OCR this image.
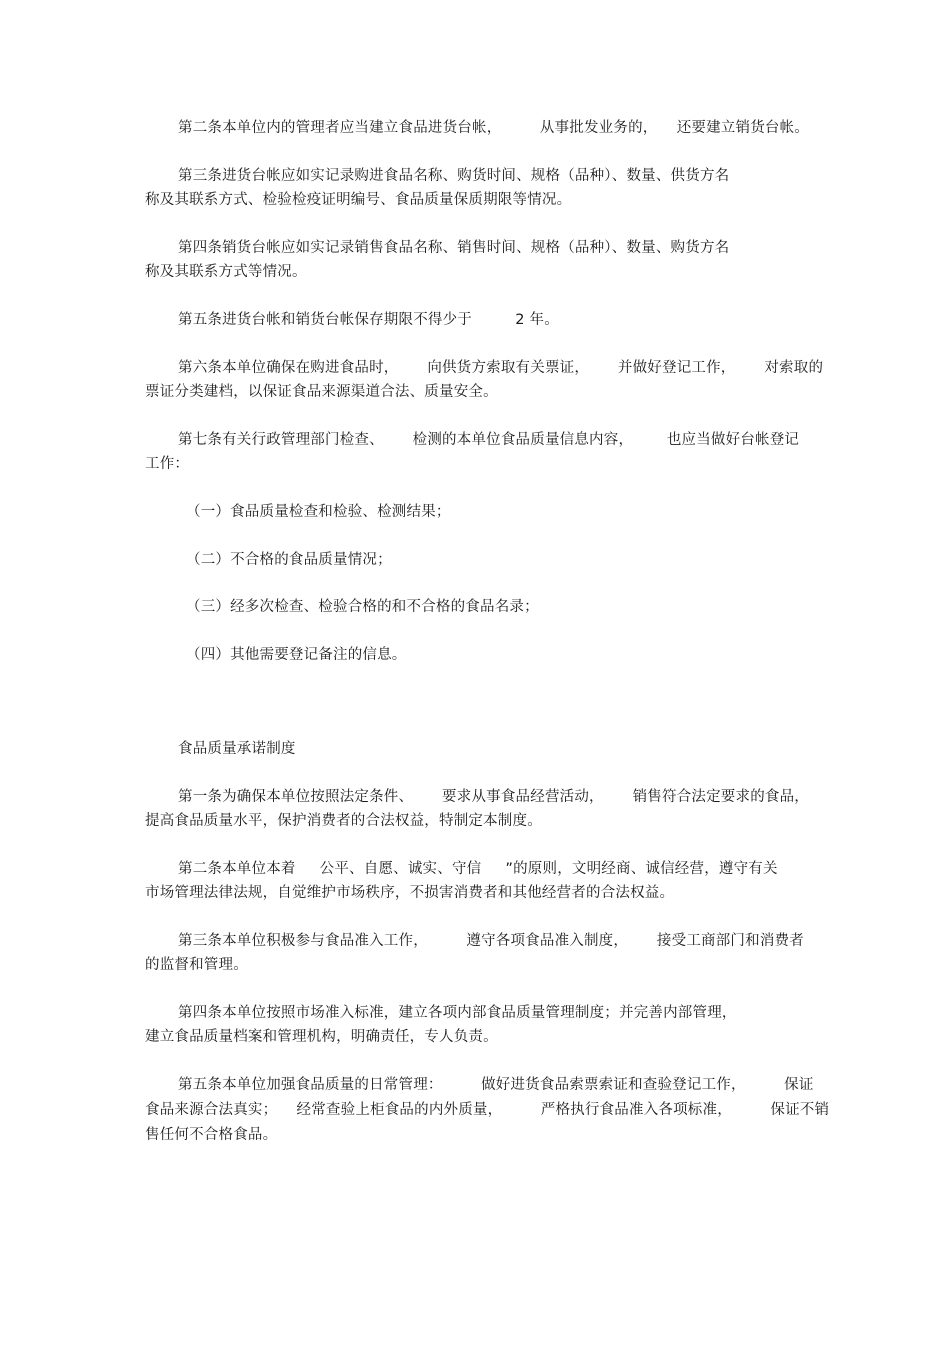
第二条本单位内的管理者应当建立食品进货台帐，        从事批发业务的，    还要建立销货台帐。
第三条进货台帐应如实记录购进食品名称、购货时间、规格（品种）、数量、供货方名
称及其联系方式、检验检疫证明编号、食品质量保质期限等情况。
第四条销货台帐应如实记录销售食品名称、销售时间、规格（品种）、数量、购货方名
称及其联系方式等情况。
第五条进货台帐和销货台帐保存期限不得少于         2 年。
第六条本单位确保在购进食品时，      向供货方索取有关票证，      并做好登记工作，      对索取的
票证分类建档，以保证食品来源渠道合法、质量安全。
第七条有关行政管理部门检查、      检测的本单位食品质量信息内容，       也应当做好台帐登记
工作：
（一）食品质量检查和检验、检测结果；
（二）不合格的食品质量情况；
（三）经多次检查、检验合格的和不合格的食品名录；
（四）其他需要登记备注的信息。
食品质量承诺制度
第一条为确保本单位按照法定条件、      要求从事食品经营活动，      销售符合法定要求的食品，
提高食品质量水平，保护消费者的合法权益，特制定本制度。
第二条本单位本着     公平、自愿、诚实、守信     ”的原则，文明经商、诚信经营，遵守有关
市场管理法律法规，自觉维护市场秩序，不损害消费者和其他经营者的合法权益。
第三条本单位积极参与食品准入工作，        遵守各项食品准入制度，      接受工商部门和消费者
的监督和管理。
第四条本单位按照市场准入标准，建立各项内部食品质量管理制度；并完善内部管理，
建立食品质量档案和管理机构，明确责任，专人负责。
第五条本单位加强食品质量的日常管理：        做好进货食品索票索证和查验登记工作，        保证
食品来源合法真实；    经常查验上柜食品的内外质量，        严格执行食品准入各项标准，        保证不销
售任何不合格食品。
